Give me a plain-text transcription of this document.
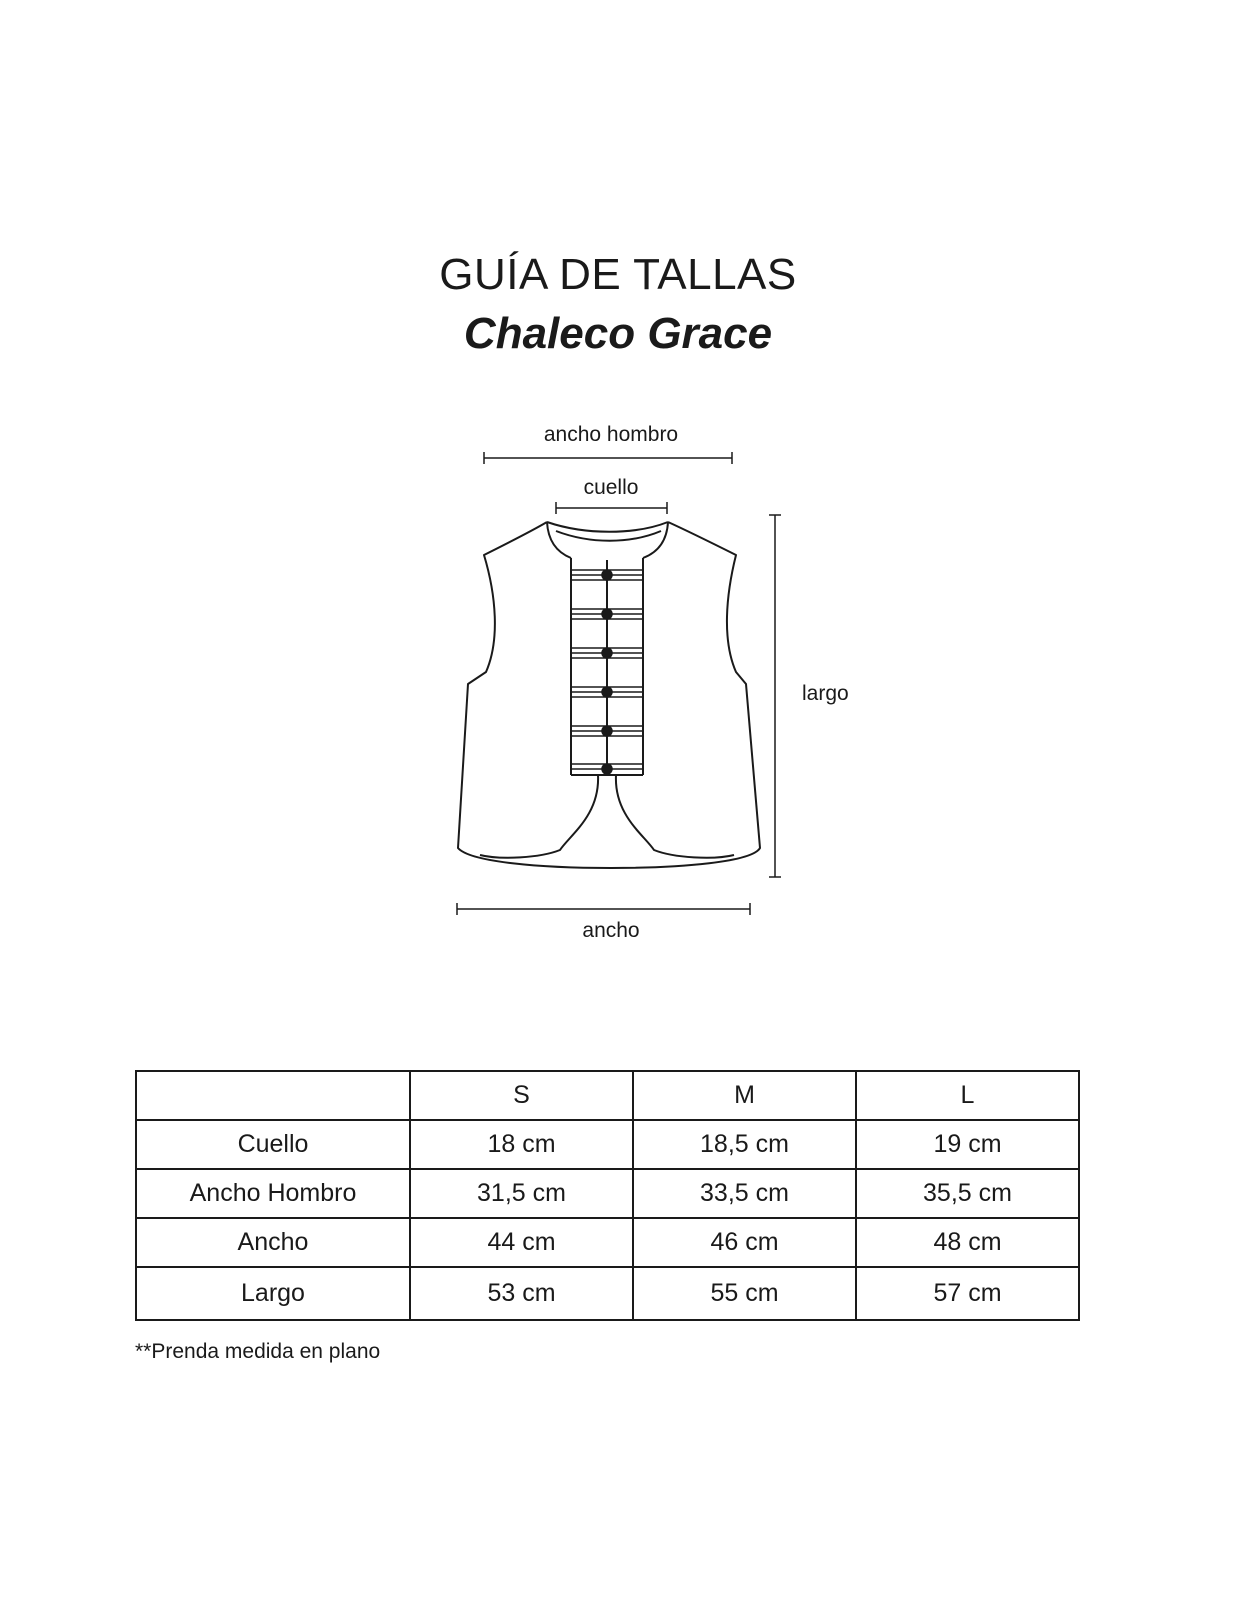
GUÍA DE TALLAS
Chaleco Grace
ancho hombro
cuello
largo
ancho
	S	M	L
Cuello	18 cm	18,5 cm	19 cm
Ancho Hombro	31,5 cm	33,5 cm	35,5 cm
Ancho	44 cm	46 cm	48 cm
Largo	53 cm	55 cm	57 cm

**Prenda medida en plano
